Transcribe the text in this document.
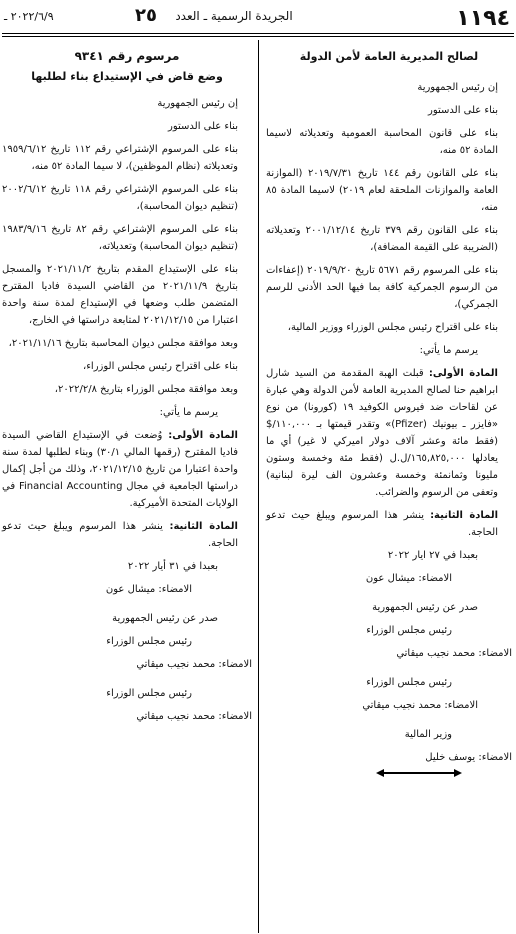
١١٩٤
الجريدة الرسمية ـ العدد
٢٥
٢٠٢٢/٦/٩ ـ

لصالح المديرية العامة لأمن الدولة

إن رئيس الجمهورية

بناء على الدستور

بناء على قانون المحاسبة العمومية وتعديلاته لاسيما المادة ٥٢ منه،

بناء على القانون رقم ١٤٤ تاريخ ٢٠١٩/٧/٣١ (الموازنة العامة والموازنات الملحقة لعام ٢٠١٩) لاسيما المادة ٨٥ منه،

بناء على القانون رقم ٣٧٩ تاريخ ٢٠٠١/١٢/١٤ وتعديلاته (الضريبة على القيمة المضافة)،

بناء على المرسوم رقم ٥٦٧١ تاريخ ٢٠١٩/٩/٢٠ (إعفاءات من الرسوم الجمركية كافة بما فيها الحد الأدنى للرسم الجمركي)،

بناء على اقتراح رئيس مجلس الوزراء ووزير المالية،

يرسم ما يأتي:

المادة الأولى: قبلت الهبة المقدمة من السيد شارل ابراهيم حنا لصالح المديرية العامة لأمن الدولة وهي عبارة عن لقاحات ضد فيروس الكوفيد ١٩ (كورونا) من نوع «فايزر ـ بيونيك (Pfizer)» وتقدر قيمتها بـ ١١٠,٠٠٠/$ (فقط مائة وعشر آلاف دولار اميركي لا غير) أي ما يعادلها ١٦٥,٨٢٥,٠٠٠/ل.ل (فقط مئة وخمسة وستون مليونا وثمانمئة وخمسة وعشرون الف ليرة لبنانية) وتعفى من الرسوم والضرائب.

المادة الثانية: ينشر هذا المرسوم ويبلغ حيث تدعو الحاجة.

بعبدا في ٢٧ ايار ٢٠٢٢

الامضاء: ميشال عون

صدر عن رئيس الجمهورية

رئيس مجلس الوزراء

الامضاء: محمد نجيب ميقاتي

رئيس مجلس الوزراء

الامضاء: محمد نجيب ميقاتي

وزير المالية

الامضاء: يوسف خليل

مرسوم رقم ٩٣٤١

وضع قاض في الإستيداع بناء لطلبها

إن رئيس الجمهورية

بناء على الدستور

بناء على المرسوم الإشتراعي رقم ١١٢ تاريخ ١٩٥٩/٦/١٢ وتعديلاته (نظام الموظفين)، لا سيما المادة ٥٢ منه،

بناء على المرسوم الإشتراعي رقم ١١٨ تاريخ ٢٠٠٢/٦/١٢ (تنظيم ديوان المحاسبة)،

بناء على المرسوم الإشتراعي رقم ٨٢ تاريخ ١٩٨٣/٩/١٦ (تنظيم ديوان المحاسبة) وتعديلاته،

بناء على الإستيداع المقدم بتاريخ ٢٠٢١/١١/٢ والمسجل بتاريخ ٢٠٢١/١١/٩ من القاضي السيدة فاديا المقترح المتضمن طلب وضعها في الإستيداع لمدة سنة واحدة اعتبارا من ٢٠٢١/١٢/١٥ لمتابعة دراستها في الخارج،

وبعد موافقة مجلس ديوان المحاسبة بتاريخ ٢٠٢١/١١/١٦،

بناء على اقتراح رئيس مجلس الوزراء،

وبعد موافقة مجلس الوزراء بتاريخ ٢٠٢٢/٢/٨،

يرسم ما يأتي:

المادة الأولى: وُضعت في الإستيداع القاضي السيدة فاديا المقترح (رقمها المالي ٣٠/١) وبناء لطلبها لمدة سنة واحدة اعتبارا من تاريخ ٢٠٢١/١٢/١٥، وذلك من أجل إكمال دراستها الجامعية في مجال Financial Accounting في الولايات المتحدة الأميركية.

المادة الثانية: ينشر هذا المرسوم ويبلغ حيث تدعو الحاجة.

بعبدا في ٣١ أيار ٢٠٢٢

الامضاء: ميشال عون

صدر عن رئيس الجمهورية

رئيس مجلس الوزراء

الامضاء: محمد نجيب ميقاتي

رئيس مجلس الوزراء

الامضاء: محمد نجيب ميقاتي
